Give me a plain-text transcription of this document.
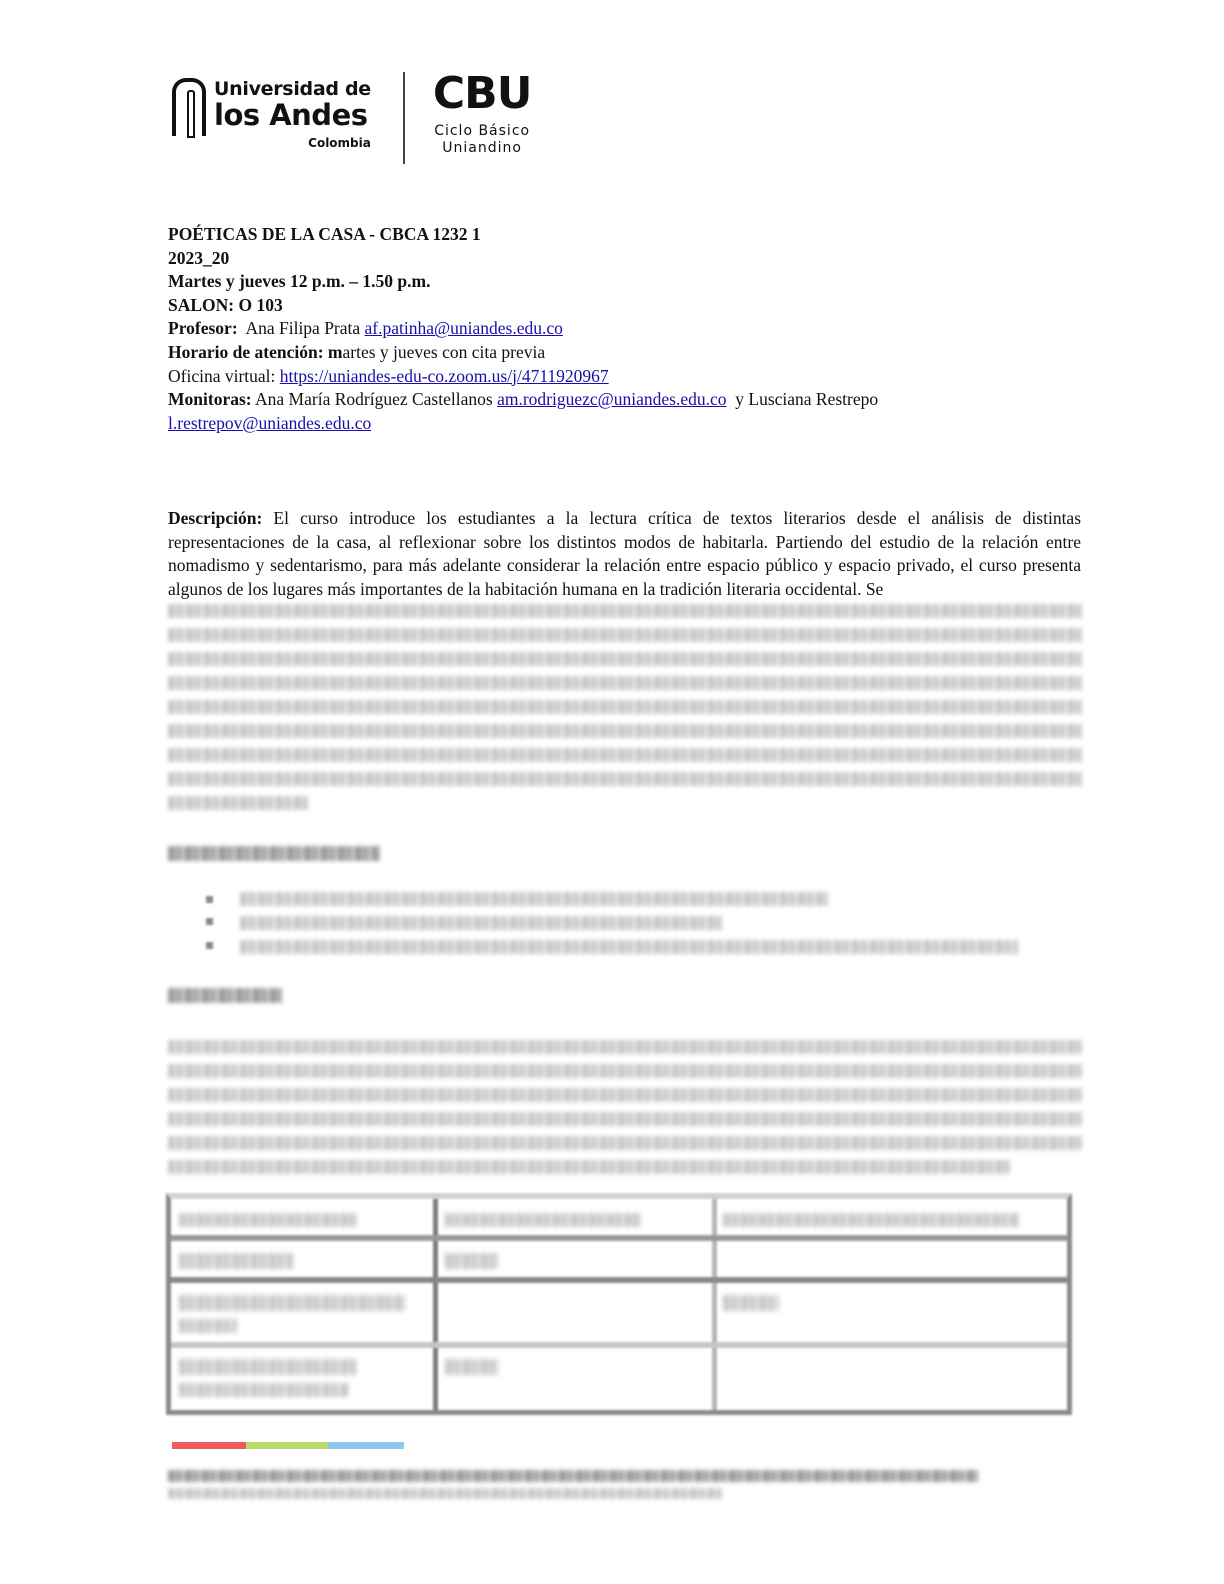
Universidad de
los Andes
Colombia
CBU
Ciclo Básico
Uniandino
POÉTICAS DE LA CASA - CBCA 1232 1
2023_20
Martes y jueves 12 p.m. – 1.50 p.m.
SALON: O 103
Profesor: Ana Filipa Prata af.patinha@uniandes.edu.co
Horario de atención: martes y jueves con cita previa
Oficina virtual: https://uniandes-edu-co.zoom.us/j/4711920967
Monitoras: Ana María Rodríguez Castellanos am.rodriguezc@uniandes.edu.co y Lusciana Restrepo
l.restrepov@uniandes.edu.co
Descripción: El curso introduce los estudiantes a la lectura crítica de textos literarios desde el análisis de distintas representaciones de la casa, al reflexionar sobre los distintos modos de habitarla. Partiendo del estudio de la relación entre nomadismo y sedentarismo, para más adelante considerar la relación entre espacio público y espacio privado, el curso presenta algunos de los lugares más importantes de la habitación humana en la tradición literaria occidental. Se
